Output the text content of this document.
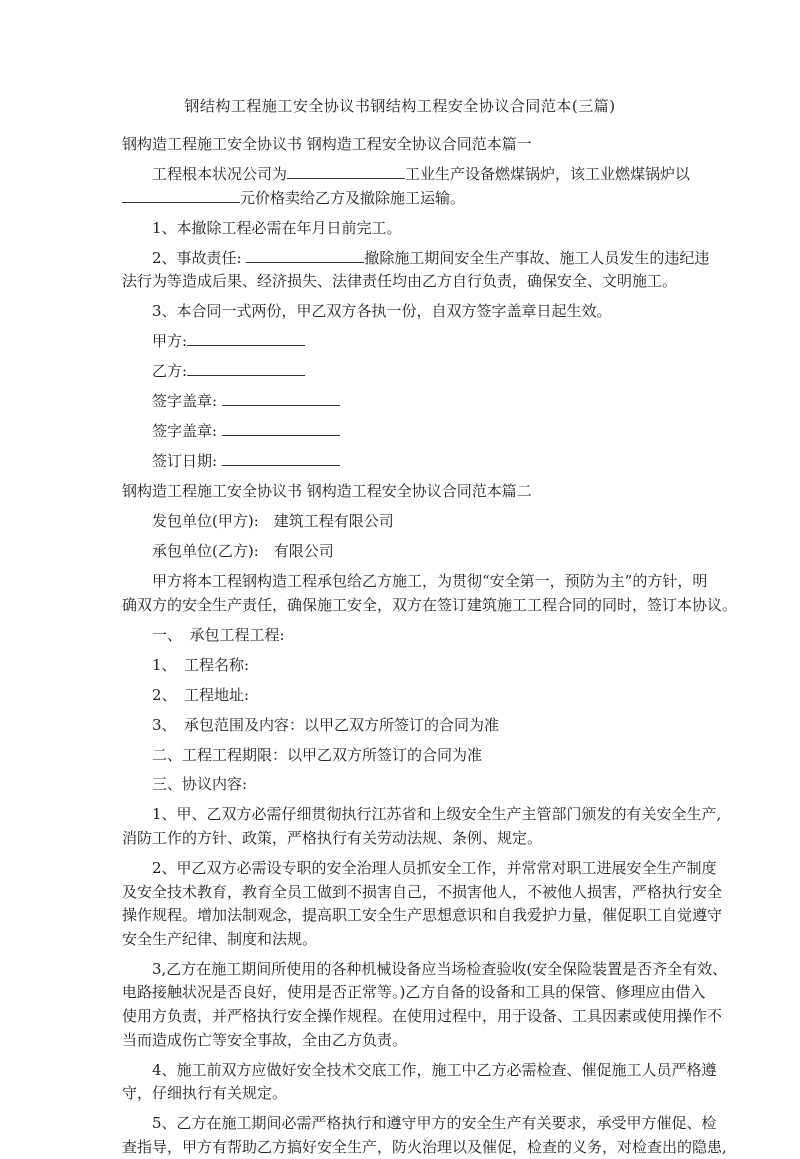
钢结构工程施工安全协议书钢结构工程安全协议合同范本(三篇)

钢构造工程施工安全协议书 钢构造工程安全协议合同范本篇一

工程根本状况公司为	工业生产设备燃煤锅炉，该工业燃煤锅炉以

元价格卖给乙方及撤除施工运输。

1、本撤除工程必需在年月日前完工。

2、事故责任:	撤除施工期间安全生产事故、施工人员发生的违纪违

法行为等造成后果、经济损失、法律责任均由乙方自行负责，确保安全、文明施工。

3、本合同一式两份，甲乙双方各执一份，自双方签字盖章日起生效。

甲方:

乙方:

签字盖章:

签字盖章:

签订日期:

钢构造工程施工安全协议书 钢构造工程安全协议合同范本篇二

发包单位(甲方):　建筑工程有限公司

承包单位(乙方):　有限公司

甲方将本工程钢构造工程承包给乙方施工，为贯彻“安全第一，预防为主”的方针，明

确双方的安全生产责任，确保施工安全，双方在签订建筑施工工程合同的同时，签订本协议。

一、　承包工程工程:

1、　工程名称:

2、　工程地址:

3、　承包范围及内容：以甲乙双方所签订的合同为准

二、工程工程期限：以甲乙双方所签订的合同为准

三、协议内容:

1、甲、乙双方必需仔细贯彻执行江苏省和上级安全生产主管部门颁发的有关安全生产,

消防工作的方针、政策，严格执行有关劳动法规、条例、规定。

2、甲乙双方必需设专职的安全治理人员抓安全工作，并常常对职工进展安全生产制度

及安全技术教育，教育全员工做到不损害自己，不损害他人，不被他人损害，严格执行安全

操作规程。增加法制观念，提高职工安全生产思想意识和自我爱护力量，催促职工自觉遵守

安全生产纪律、制度和法规。

3,乙方在施工期间所使用的各种机械设备应当场检查验收(安全保险装置是否齐全有效、

电路接触状况是否良好，使用是否正常等。)乙方自备的设备和工具的保管、修理应由借入

使用方负责，并严格执行安全操作规程。在使用过程中，用于设备、工具因素或使用操作不

当而造成伤亡等安全事故，全由乙方负责。

4、施工前双方应做好安全技术交底工作，施工中乙方必需检查、催促施工人员严格遵

守，仔细执行有关规定。

5、乙方在施工期间必需严格执行和遵守甲方的安全生产有关要求，承受甲方催促、检

查指导，甲方有帮助乙方搞好安全生产，防火治理以及催促，检查的义务，对检查出的隐患,
